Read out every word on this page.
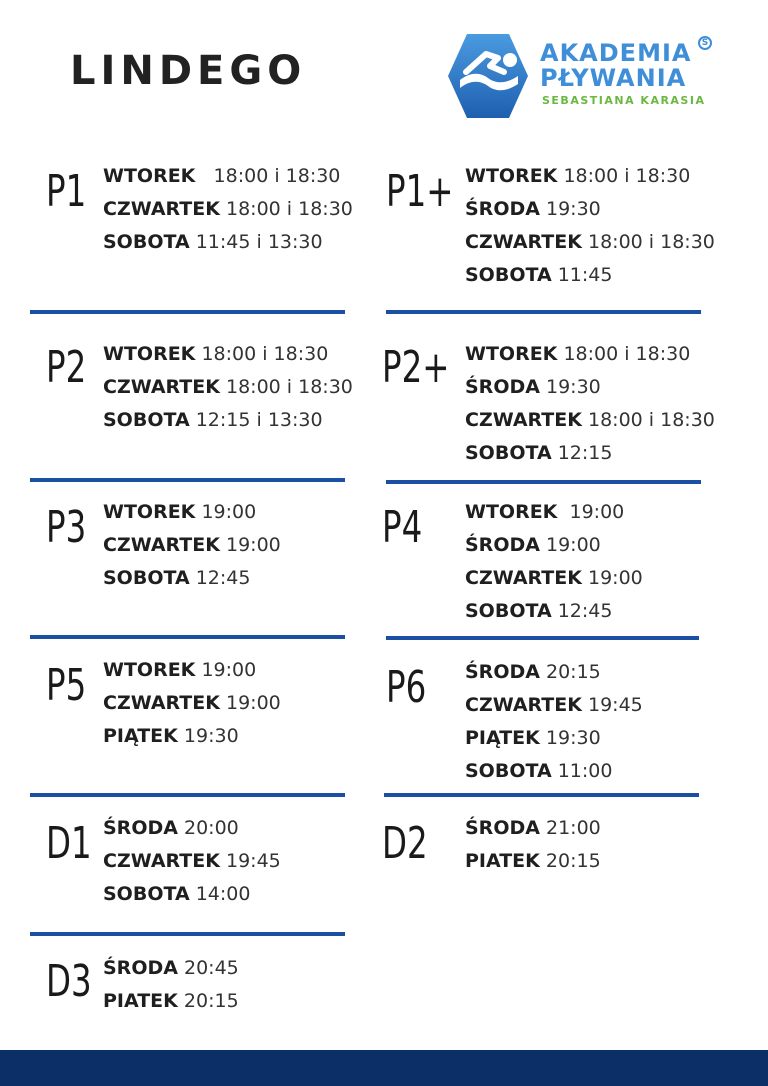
LINDEGO	AKADEMIA	S
PŁYWANIA
SEBASTIANA KARASIA
P1 WTOREK   18:00 i 18:30
CZWARTEK 18:00 i 18:30
SOBOTA 11:45 i 13:30
P2 WTOREK 18:00 i 18:30
CZWARTEK 18:00 i 18:30
SOBOTA 12:15 i 13:30
P3 WTOREK 19:00
CZWARTEK 19:00
SOBOTA 12:45
P5 WTOREK 19:00
CZWARTEK 19:00
PIĄTEK 19:30
D1 ŚRODA 20:00
CZWARTEK 19:45
SOBOTA 14:00
D3 ŚRODA 20:45
PIATEK 20:15
P1+ WTOREK 18:00 i 18:30
ŚRODA 19:30
CZWARTEK 18:00 i 18:30
SOBOTA 11:45
P2+ WTOREK 18:00 i 18:30
ŚRODA 19:30
CZWARTEK 18:00 i 18:30
SOBOTA 12:15
P4 WTOREK  19:00
ŚRODA 19:00
CZWARTEK 19:00
SOBOTA 12:45
P6 ŚRODA 20:15
CZWARTEK 19:45
PIĄTEK 19:30
SOBOTA 11:00
D2 ŚRODA 21:00
PIATEK 20:15
